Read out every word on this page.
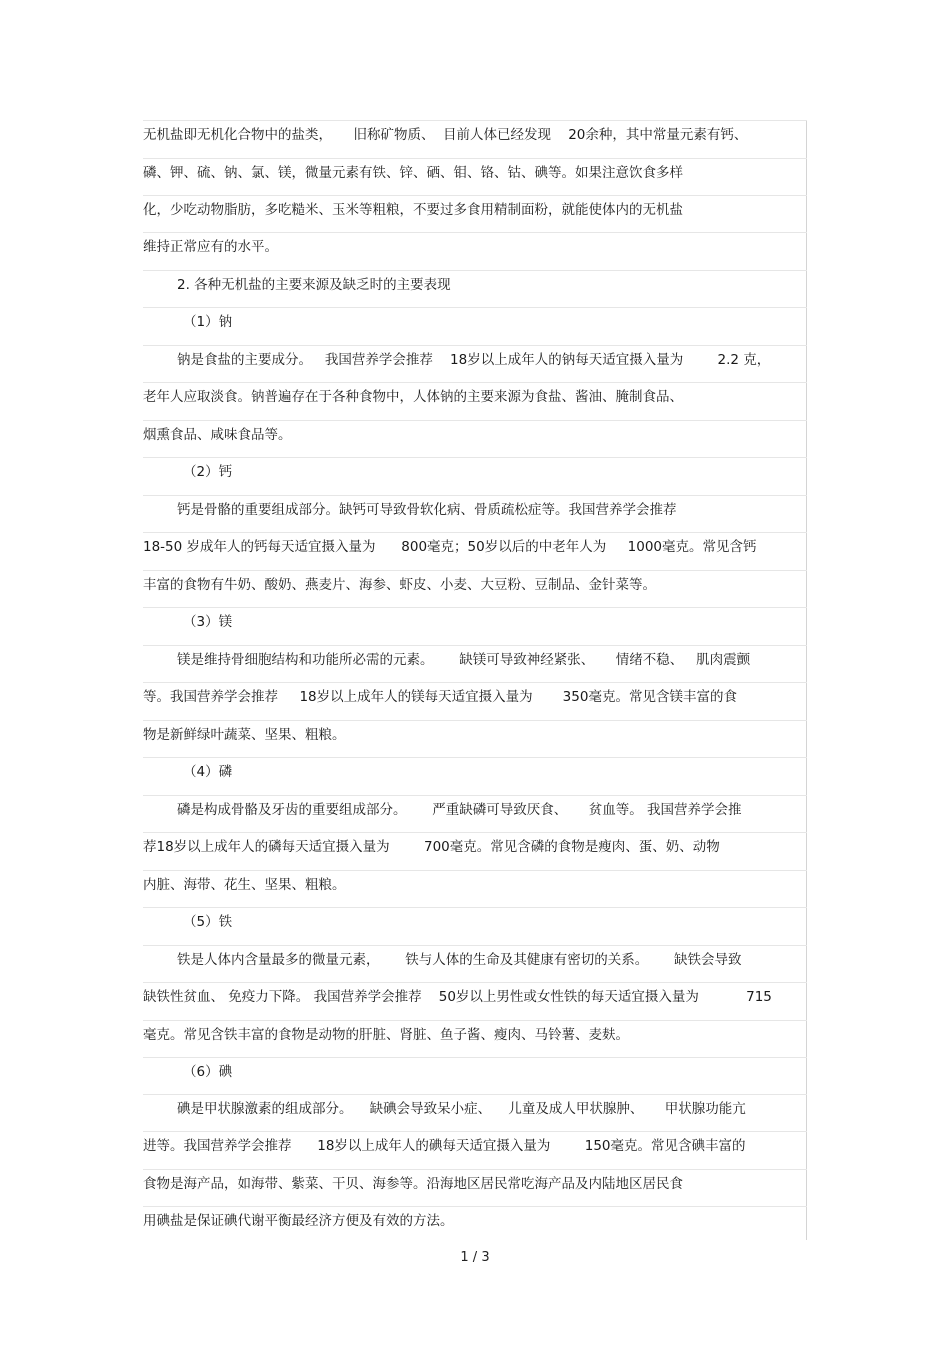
无机盐即无机化合物中的盐类，     旧称矿物质、  目前人体已经发现    20余种，其中常量元素有钙、
磷、钾、硫、钠、氯、镁，微量元素有铁、锌、硒、钼、铬、钴、碘等。如果注意饮食多样
化，少吃动物脂肪，多吃糙米、玉米等粗粮，不要过多食用精制面粉，就能使体内的无机盐
维持正常应有的水平。
2. 各种无机盐的主要来源及缺乏时的主要表现
（1）钠
钠是食盐的主要成分。   我国营养学会推荐    18岁以上成年人的钠每天适宜摄入量为        2.2 克，
老年人应取淡食。钠普遍存在于各种食物中，人体钠的主要来源为食盐、酱油、腌制食品、
烟熏食品、咸味食品等。
（2）钙
钙是骨骼的重要组成部分。缺钙可导致骨软化病、骨质疏松症等。我国营养学会推荐
18-50 岁成年人的钙每天适宜摄入量为      800毫克；50岁以后的中老年人为     1000毫克。常见含钙
丰富的食物有牛奶、酸奶、燕麦片、海参、虾皮、小麦、大豆粉、豆制品、金针菜等。
（3）镁
镁是维持骨细胞结构和功能所必需的元素。      缺镁可导致神经紧张、     情绪不稳、   肌肉震颤
等。我国营养学会推荐     18岁以上成年人的镁每天适宜摄入量为       350毫克。常见含镁丰富的食
物是新鲜绿叶蔬菜、坚果、粗粮。
（4）磷
磷是构成骨骼及牙齿的重要组成部分。      严重缺磷可导致厌食、     贫血等。 我国营养学会推
荐18岁以上成年人的磷每天适宜摄入量为        700毫克。常见含磷的食物是瘦肉、蛋、奶、动物
内脏、海带、花生、坚果、粗粮。
（5）铁
铁是人体内含量最多的微量元素，      铁与人体的生命及其健康有密切的关系。      缺铁会导致
缺铁性贫血、 免疫力下降。 我国营养学会推荐    50岁以上男性或女性铁的每天适宜摄入量为           715
毫克。常见含铁丰富的食物是动物的肝脏、肾脏、鱼子酱、瘦肉、马铃薯、麦麸。
（6）碘
碘是甲状腺激素的组成部分。    缺碘会导致呆小症、    儿童及成人甲状腺肿、     甲状腺功能亢
进等。我国营养学会推荐      18岁以上成年人的碘每天适宜摄入量为        150毫克。常见含碘丰富的
食物是海产品，如海带、紫菜、干贝、海参等。沿海地区居民常吃海产品及内陆地区居民食
用碘盐是保证碘代谢平衡最经济方便及有效的方法。
1 / 3
